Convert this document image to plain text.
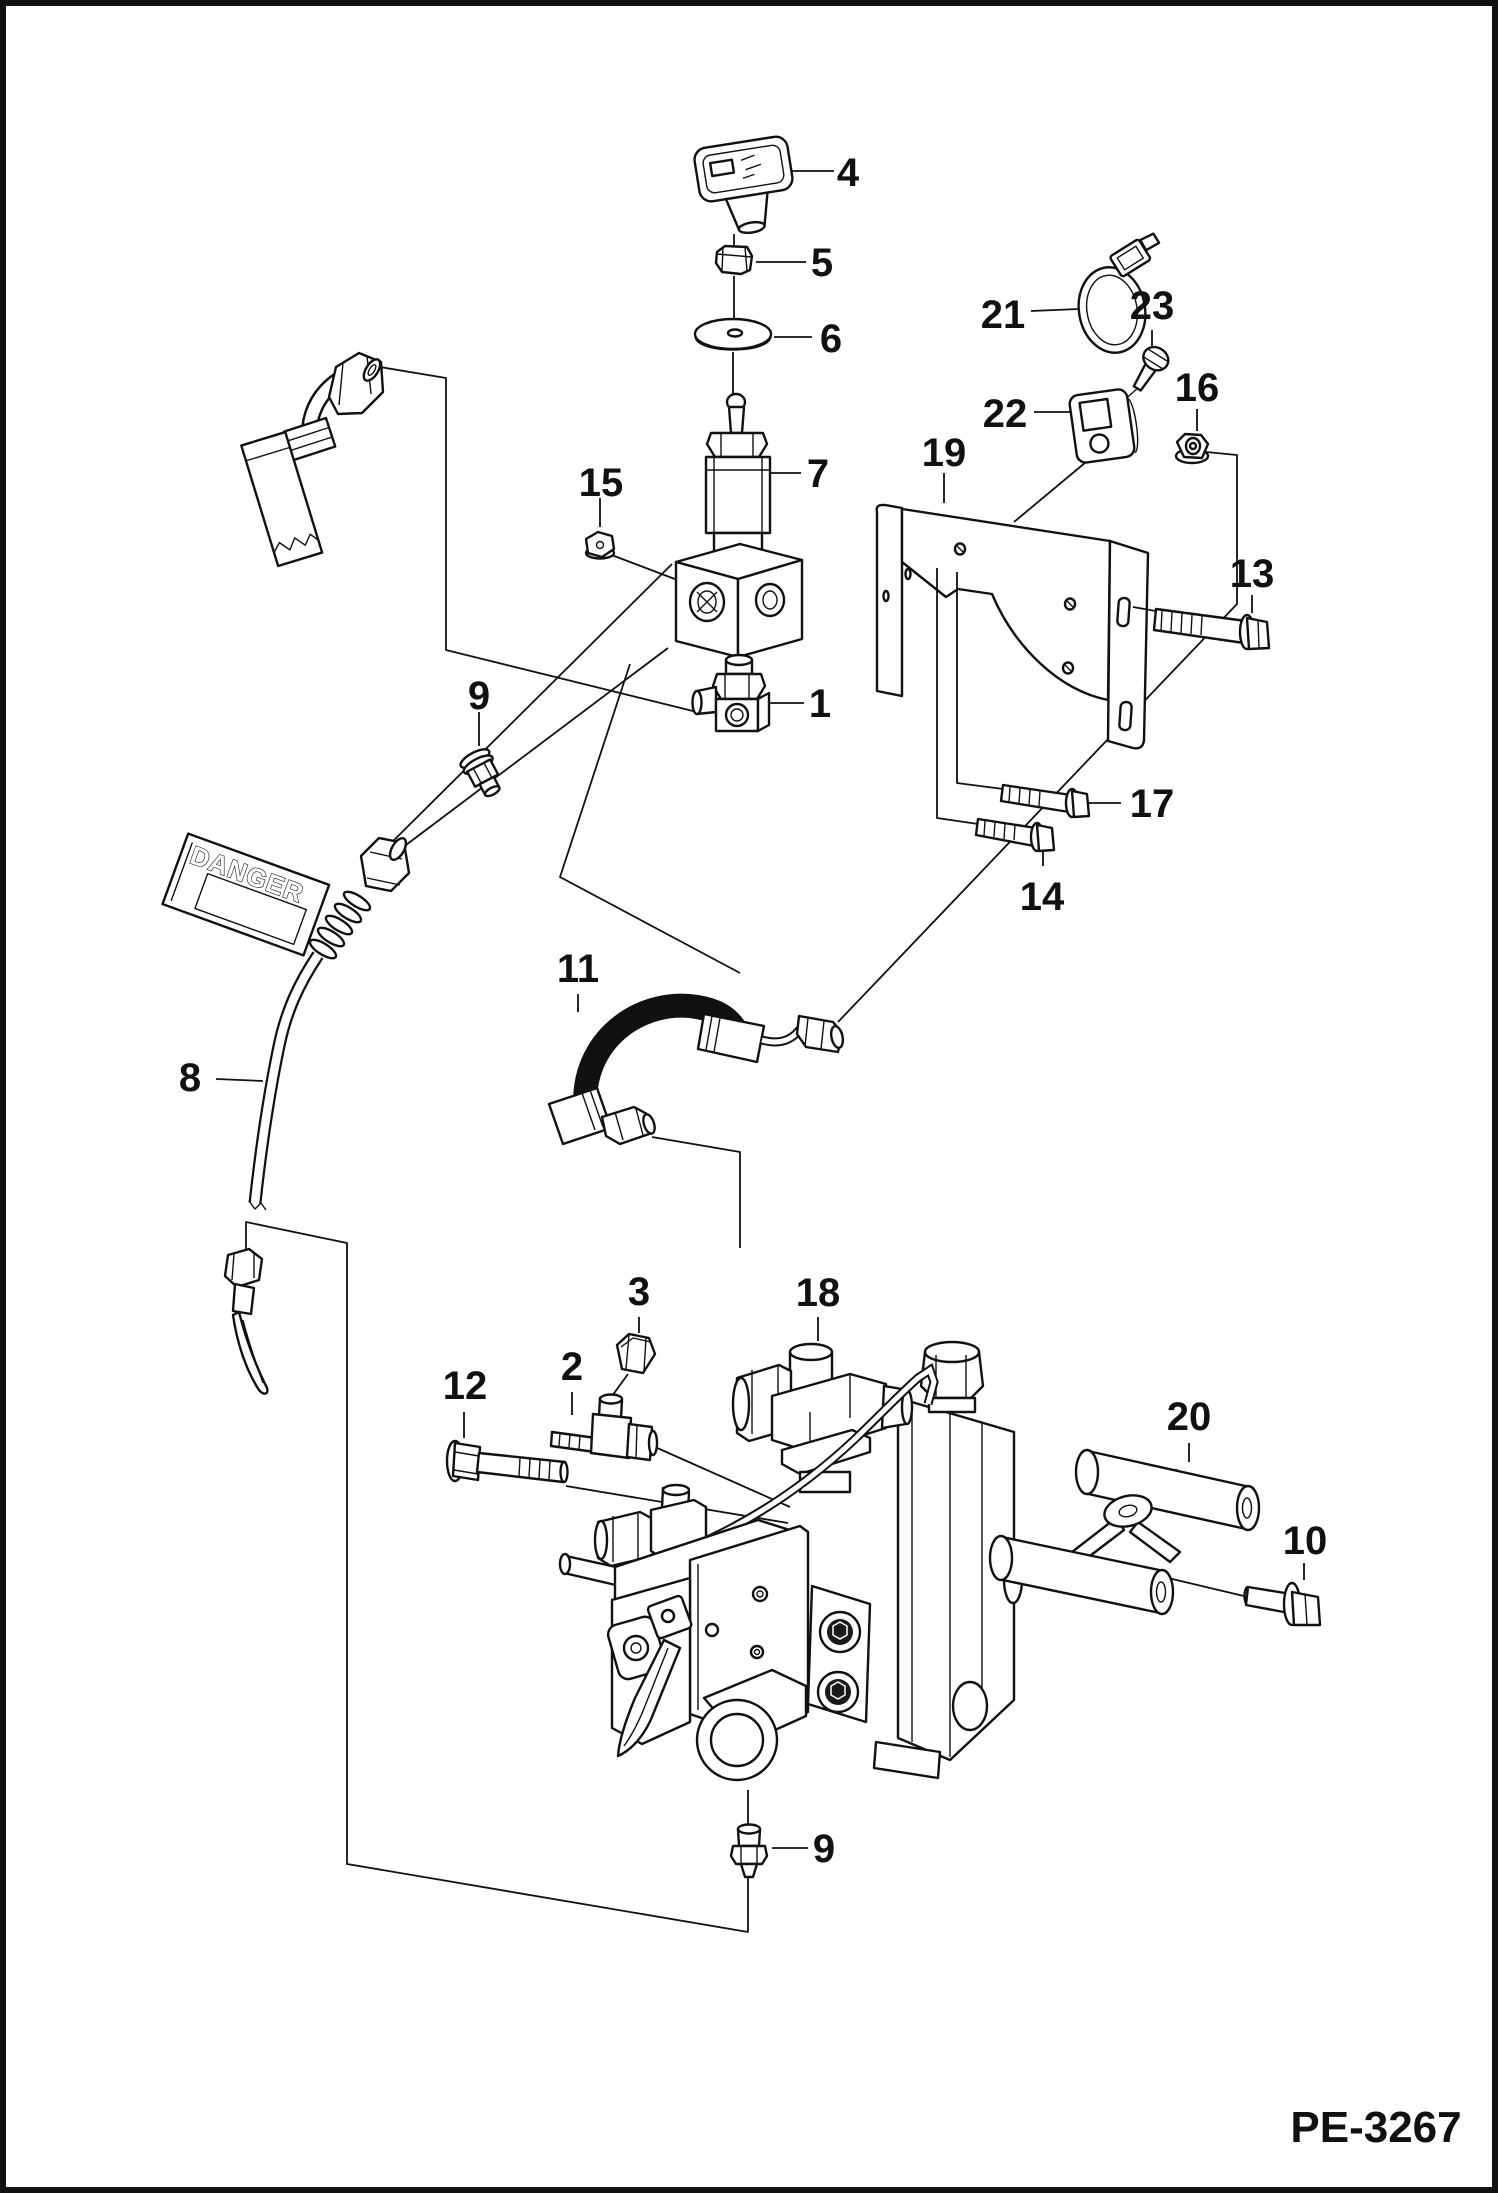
DANGER
4
5
6
7
15
9	1
21	23
22
16
19
13
17
14
11
8
3	18
2
12
20
10
9
PE-3267
